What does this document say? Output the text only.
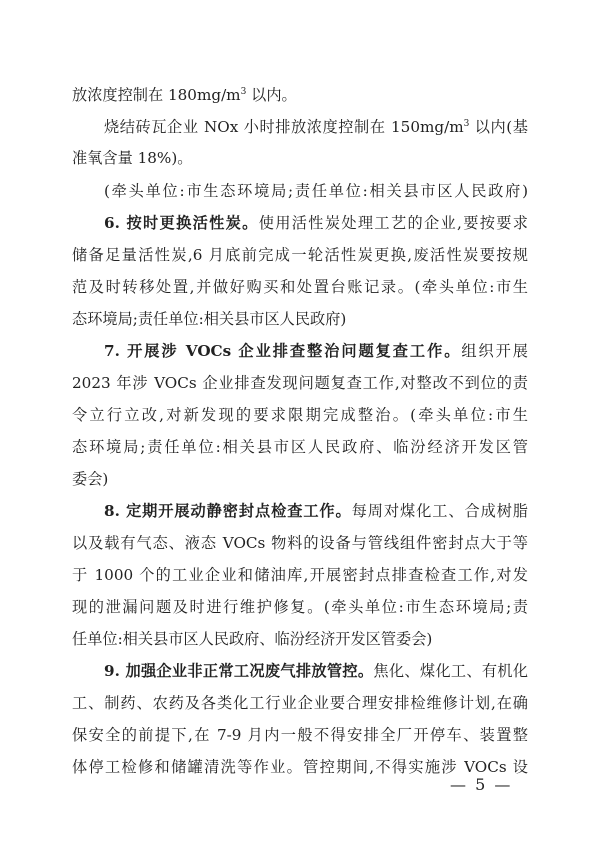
放浓度控制在 $180mg/m^3$ 以内。
烧结砖瓦企业 NOx 小时排放浓度控制在 $150mg/m^3$ 以内(基
准氧含量 18%)。
(牵头单位:市生态环境局;责任单位:相关县市区人民政府)
6. 按时更换活性炭。使用活性炭处理工艺的企业,要按要求
储备足量活性炭,6 月底前完成一轮活性炭更换,废活性炭要按规
范及时转移处置,并做好购买和处置台账记录。(牵头单位:市生
态环境局;责任单位:相关县市区人民政府)
7. 开展涉 VOCs 企业排查整治问题复查工作。组织开展
2023 年涉 VOCs 企业排查发现问题复查工作,对整改不到位的责
令立行立改,对新发现的要求限期完成整治。(牵头单位:市生
态环境局;责任单位:相关县市区人民政府、临汾经济开发区管
委会)
8. 定期开展动静密封点检查工作。每周对煤化工、合成树脂
以及载有气态、液态 VOCs 物料的设备与管线组件密封点大于等
于 1000 个的工业企业和储油库,开展密封点排查检查工作,对发
现的泄漏问题及时进行维护修复。(牵头单位:市生态环境局;责
任单位:相关县市区人民政府、临汾经济开发区管委会)
9. 加强企业非正常工况废气排放管控。焦化、煤化工、有机化
工、制药、农药及各类化工行业企业要合理安排检维修计划,在确
保安全的前提下,在 7-9 月内一般不得安排全厂开停车、装置整
体停工检修和储罐清洗等作业。管控期间,不得实施涉 VOCs 设
— 5 —
